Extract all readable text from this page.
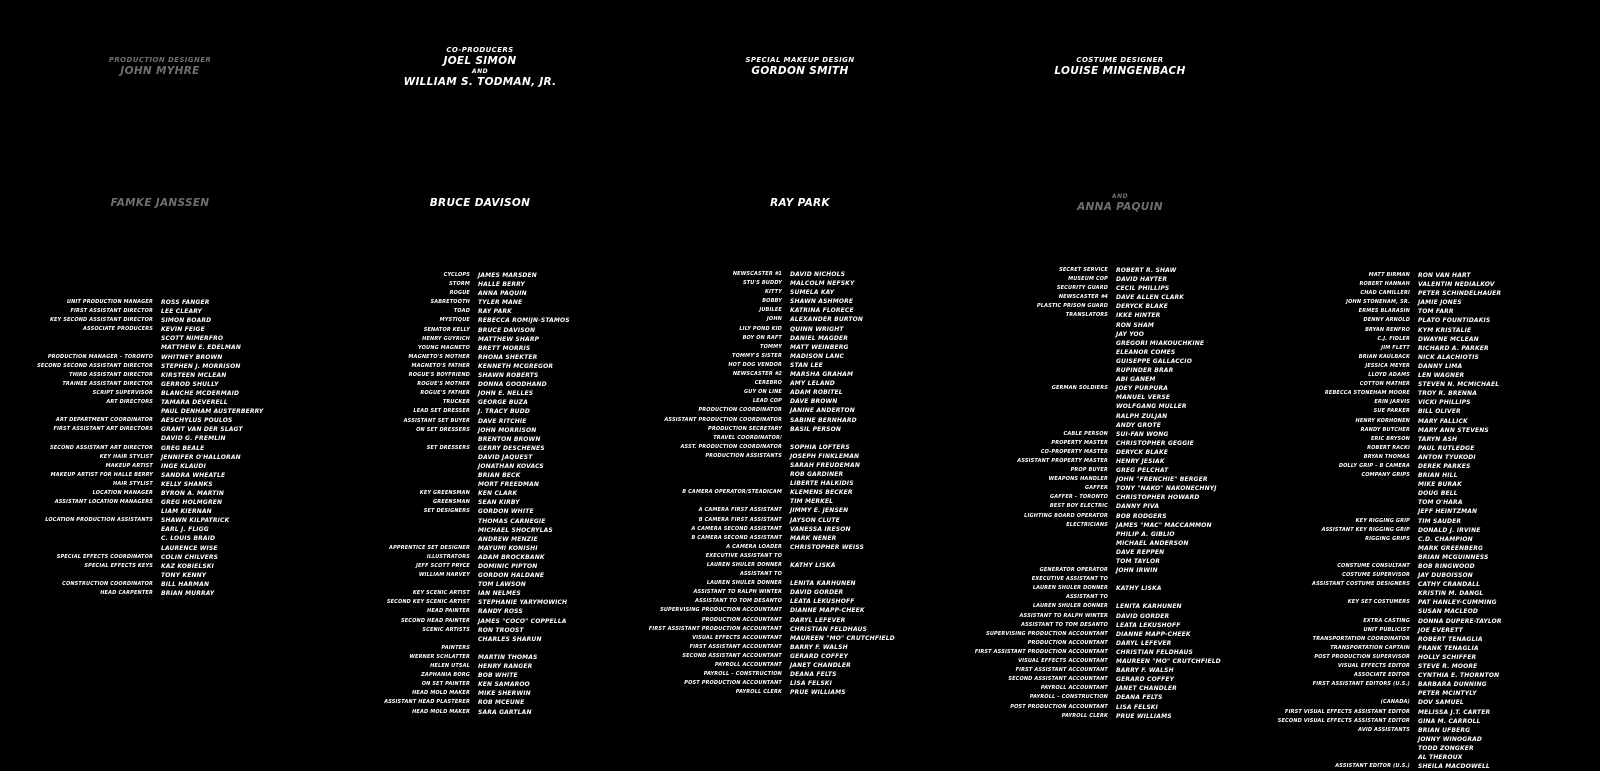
PRODUCTION DESIGNER
JOHN MYHRE
CO-PRODUCERS
JOEL SIMON
AND
WILLIAM S. TODMAN, JR.
SPECIAL MAKEUP DESIGN
GORDON SMITH
COSTUME DESIGNER
LOUISE MINGENBACH
FAMKE JANSSEN	BRUCE DAVISON	RAY PARK
AND
ANNA PAQUIN
UNIT PRODUCTION MANAGER	ROSS FANGER
FIRST ASSISTANT DIRECTOR	LEE CLEARY
KEY SECOND ASSISTANT DIRECTOR	SIMON BOARD
ASSOCIATE PRODUCERS	KEVIN FEIGE
SCOTT NIMERFRO
MATTHEW E. EDELMAN
PRODUCTION MANAGER – TORONTO	WHITNEY BROWN
SECOND SECOND ASSISTANT DIRECTOR	STEPHEN J. MORRISON
THIRD ASSISTANT DIRECTOR	KIRSTEEN MCLEAN
TRAINEE ASSISTANT DIRECTOR	GERROD SHULLY
SCRIPT SUPERVISOR	BLANCHE MCDERMAID
ART DIRECTORS	TAMARA DEVERELL
PAUL DENHAM AUSTERBERRY
ART DEPARTMENT COORDINATOR	AESCHYLUS POULOS
FIRST ASSISTANT ART DIRECTORS	GRANT VAN DER SLAGT
DAVID G. FREMLIN
SECOND ASSISTANT ART DIRECTOR	GREG BEALE
KEY HAIR STYLIST	JENNIFER O'HALLORAN
MAKEUP ARTIST	INGE KLAUDI
MAKEUP ARTIST FOR HALLE BERRY	SANDRA WHEATLE
HAIR STYLIST	KELLY SHANKS
LOCATION MANAGER	BYRON A. MARTIN
ASSISTANT LOCATION MANAGERS	GREG HOLMGREN
LIAM KIERNAN
LOCATION PRODUCTION ASSISTANTS	SHAWN KILPATRICK
EARL J. FLIGG
C. LOUIS BRAID
LAURENCE WISE
SPECIAL EFFECTS COORDINATOR	COLIN CHILVERS
SPECIAL EFFECTS KEYS	KAZ KOBIELSKI
TONY KENNY
CONSTRUCTION COORDINATOR	BILL HARMAN
HEAD CARPENTER	BRIAN MURRAY
CYCLOPS	JAMES MARSDEN
STORM	HALLE BERRY
ROGUE	ANNA PAQUIN
SABRETOOTH	TYLER MANE
TOAD	RAY PARK
MYSTIQUE	REBECCA ROMIJN-STAMOS
SENATOR KELLY	BRUCE DAVISON
HENRY GUYRICH	MATTHEW SHARP
YOUNG MAGNETO	BRETT MORRIS
MAGNETO'S MOTHER	RHONA SHEKTER
MAGNETO'S FATHER	KENNETH MCGREGOR
ROGUE'S BOYFRIEND	SHAWN ROBERTS
ROGUE'S MOTHER	DONNA GOODHAND
ROGUE'S FATHER	JOHN E. NELLES
TRUCKER	GEORGE BUZA
LEAD SET DRESSER	J. TRACY BUDD
ASSISTANT SET BUYER	DAVE RITCHIE
ON SET DRESSERS	JOHN MORRISON
BRENTON BROWN
SET DRESSERS	GERRY DESCHENES
DAVID JAQUEST
JONATHAN KOVACS
BRIAN BECK
MORT FREEDMAN
KEY GREENSMAN	KEN CLARK
GREENSMAN	SEAN KIRBY
SET DESIGNERS	GORDON WHITE
THOMAS CARNEGIE
MICHAEL SHOCRYLAS
ANDREW MENZIE
APPRENTICE SET DESIGNER	MAYUMI KONISHI
ILLUSTRATORS	ADAM BROCKBANK
JEFF SCOTT PRYCE	DOMINIC PIPTON
WILLIAM HARVEY	GORDON HALDANE
TOM LAWSON
KEY SCENIC ARTIST	IAN NELMES
SECOND KEY SCENIC ARTIST	STEPHANIE YARYMOWICH
HEAD PAINTER	RANDY ROSS
SECOND HEAD PAINTER	JAMES "COCO" COPPELLA
SCENIC ARTISTS	RON TROOST
CHARLES SHARUN
PAINTERS
WERNER SCHLATTER	MARTIN THOMAS
HELEN UTSAL	HENRY RANGER
ZAPHANIA BORG	BOB WHITE
ON SET PAINTER	KEN SAMAROO
HEAD MOLD MAKER	MIKE SHERWIN
ASSISTANT HEAD PLASTERER	ROB MCEUNE
HEAD MOLD MAKER	SARA GARTLAN
NEWSCASTER #1	DAVID NICHOLS
STU'S BUDDY	MALCOLM NEFSKY
KITTY	SUMELA KAY
BOBBY	SHAWN ASHMORE
JUBILEE	KATRINA FLORECE
JOHN	ALEXANDER BURTON
LILY POND KID	QUINN WRIGHT
BOY ON RAFT	DANIEL MAGDER
TOMMY	MATT WEINBERG
TOMMY'S SISTER	MADISON LANC
HOT DOG VENDOR	STAN LEE
NEWSCASTER #2	MARSHA GRAHAM
CEREBRO	AMY LELAND
GUY ON LINE	ADAM ROBITEL
LEAD COP	DAVE BROWN
PRODUCTION COORDINATOR	JANINE ANDERTON
ASSISTANT PRODUCTION COORDINATOR	SABINE BERNHARD
PRODUCTION SECRETARY	BASIL PERSON
TRAVEL COORDINATOR/
ASST. PRODUCTION COORDINATOR	SOPHIA LOFTERS
PRODUCTION ASSISTANTS	JOSEPH FINKLEMAN
SARAH FREUDEMAN
ROB GARDINER
LIBERTE HALKIDIS
B CAMERA OPERATOR/STEADICAM	KLEMENS BECKER
TIM MERKEL
A CAMERA FIRST ASSISTANT	JIMMY E. JENSEN
B CAMERA FIRST ASSISTANT	JAYSON CLUTE
A CAMERA SECOND ASSISTANT	VANESSA IRESON
B CAMERA SECOND ASSISTANT	MARK NENER
A CAMERA LOADER	CHRISTOPHER WEISS
EXECUTIVE ASSISTANT TO
LAUREN SHULER DONNER	KATHY LISKA
ASSISTANT TO
LAUREN SHULER DONNER	LENITA KARHUNEN
ASSISTANT TO RALPH WINTER	DAVID GORDER
ASSISTANT TO TOM DESANTO	LEATA LEKUSHOFF
SUPERVISING PRODUCTION ACCOUNTANT	DIANNE MAPP-CHEEK
PRODUCTION ACCOUNTANT	DARYL LEFEVER
FIRST ASSISTANT PRODUCTION ACCOUNTANT	CHRISTIAN FELDHAUS
VISUAL EFFECTS ACCOUNTANT	MAUREEN "MO" CRUTCHFIELD
FIRST ASSISTANT ACCOUNTANT	BARRY F. WALSH
SECOND ASSISTANT ACCOUNTANT	GERARD COFFEY
PAYROLL ACCOUNTANT	JANET CHANDLER
PAYROLL – CONSTRUCTION	DEANA FELTS
POST PRODUCTION ACCOUNTANT	LISA FELSKI
PAYROLL CLERK	PRUE WILLIAMS
SECRET SERVICE	ROBERT R. SHAW
MUSEUM COP	DAVID HAYTER
SECURITY GUARD	CECIL PHILLIPS
NEWSCASTER #4	DAVE ALLEN CLARK
PLASTIC PRISON GUARD	DERYCK BLAKE
TRANSLATORS	IKKE HINTER
RON SHAM
JAY YOO
GREGORI MIAKOUCHKINE
ELEANOR COMES
GUISEPPE GALLACCIO
RUPINDER BRAR
ABI GANEM
GERMAN SOLDIERS	JOEY PURPURA
MANUEL VERSE
WOLFGANG MULLER
RALPH ZULJAN
ANDY GROTE
CABLE PERSON	SUI-FAN WONG
PROPERTY MASTER	CHRISTOPHER GEGGIE
CO-PROPERTY MASTER	DERYCK BLAKE
ASSISTANT PROPERTY MASTER	HENRY JESIAK
PROP BUYER	GREG PELCHAT
WEAPONS HANDLER	JOHN "FRENCHIE" BERGER
GAFFER	TONY "NAKO" NAKONECHNYJ
GAFFER – TORONTO	CHRISTOPHER HOWARD
BEST BOY ELECTRIC	DANNY PIVA
LIGHTING BOARD OPERATOR	BOB RODGERS
ELECTRICIANS	JAMES "MAC" MACCAMMON
PHILIP A. GIBLIO
MICHAEL ANDERSON
DAVE REPPEN
TOM TAYLOR
GENERATOR OPERATOR	JOHN IRWIN
EXECUTIVE ASSISTANT TO
LAUREN SHULER DONNER	KATHY LISKA
ASSISTANT TO
LAUREN SHULER DONNER	LENITA KARHUNEN
ASSISTANT TO RALPH WINTER	DAVID GORDER
ASSISTANT TO TOM DESANTO	LEATA LEKUSHOFF
SUPERVISING PRODUCTION ACCOUNTANT	DIANNE MAPP-CHEEK
PRODUCTION ACCOUNTANT	DARYL LEFEVER
FIRST ASSISTANT PRODUCTION ACCOUNTANT	CHRISTIAN FELDHAUS
VISUAL EFFECTS ACCOUNTANT	MAUREEN "MO" CRUTCHFIELD
FIRST ASSISTANT ACCOUNTANT	BARRY F. WALSH
SECOND ASSISTANT ACCOUNTANT	GERARD COFFEY
PAYROLL ACCOUNTANT	JANET CHANDLER
PAYROLL – CONSTRUCTION	DEANA FELTS
POST PRODUCTION ACCOUNTANT	LISA FELSKI
PAYROLL CLERK	PRUE WILLIAMS
MATT BIRMAN	RON VAN HART
ROBERT HANNAH	VALENTIN NEDIALKOV
CHAD CAMILLERI	PETER SCHINDELHAUER
JOHN STONEHAM, SR.	JAMIE JONES
ERMES BLARASIN	TOM FARR
DENNY ARNOLD	PLATO FOUNTIDAKIS
BRYAN RENFRO	KYM KRISTALIE
C.J. FIDLER	DWAYNE MCLEAN
JIM FLETT	RICHARD A. PARKER
BRIAN KAULBACK	NICK ALACHIOTIS
JESSICA MEYER	DANNY LIMA
LLOYD ADAMS	LEN WAGNER
COTTON MATHER	STEVEN N. MCMICHAEL
REBECCA STONEHAM MOORE	TROY R. BRENNA
ERIN JARVIS	VICKI PHILLIPS
SUE PARKER	BILL OLIVER
HENRY KORHONEN	MARY FALLICK
RANDY BUTCHER	MARY ANN STEVENS
ERIC BRYSON	TARYN ASH
ROBERT RACKI	PAUL RUTLEDGE
BRYAN THOMAS	ANTON TYUKODI
DOLLY GRIP – B CAMERA	DEREK PARKES
COMPANY GRIPS	BRIAN HILL
MIKE BURAK
DOUG BELL
TOM O'HARA
JEFF HEINTZMAN
KEY RIGGING GRIP	TIM SAUDER
ASSISTANT KEY RIGGING GRIP	DONALD J. IRVINE
RIGGING GRIPS	C.D. CHAMPION
MARK GREENBERG
BRIAN MCGUINNESS
CONSTUME CONSULTANT	BOB RINGWOOD
COSTUME SUPERVISOR	JAY DUBOISSON
ASSISTANT COSTUME DESIGNERS	CATHY CRANDALL
KRISTIN M. DANGL
KEY SET COSTUMERS	PAT HANLEY-CUMMING
SUSAN MACLEOD
EXTRA CASTING	DONNA DUPERE-TAYLOR
UNIT PUBLICIST	JOE EVERETT
TRANSPORTATION COORDINATOR	ROBERT TENAGLIA
TRANSPORTATION CAPTAIN	FRANK TENAGLIA
POST PRODUCTION SUPERVISOR	HOLLY SCHIFFER
VISUAL EFFECTS EDITOR	STEVE R. MOORE
ASSOCIATE EDITOR	CYNTHIA E. THORNTON
FIRST ASSISTANT EDITORS (U.S.)	BARBARA DUNNING
PETER MCINTYLY
(CANADA)	DOV SAMUEL
FIRST VISUAL EFFECTS ASSISTANT EDITOR	MELISSA J.T. CARTER
SECOND VISUAL EFFECTS ASSISTANT EDITOR	GINA M. CARROLL
AVID ASSISTANTS	BRIAN UFBERG
JONNY WINOGRAD
TODD ZONGKER
AL THEROUX
ASSISTANT EDITOR (U.S.)	SHEILA MACDOWELL
